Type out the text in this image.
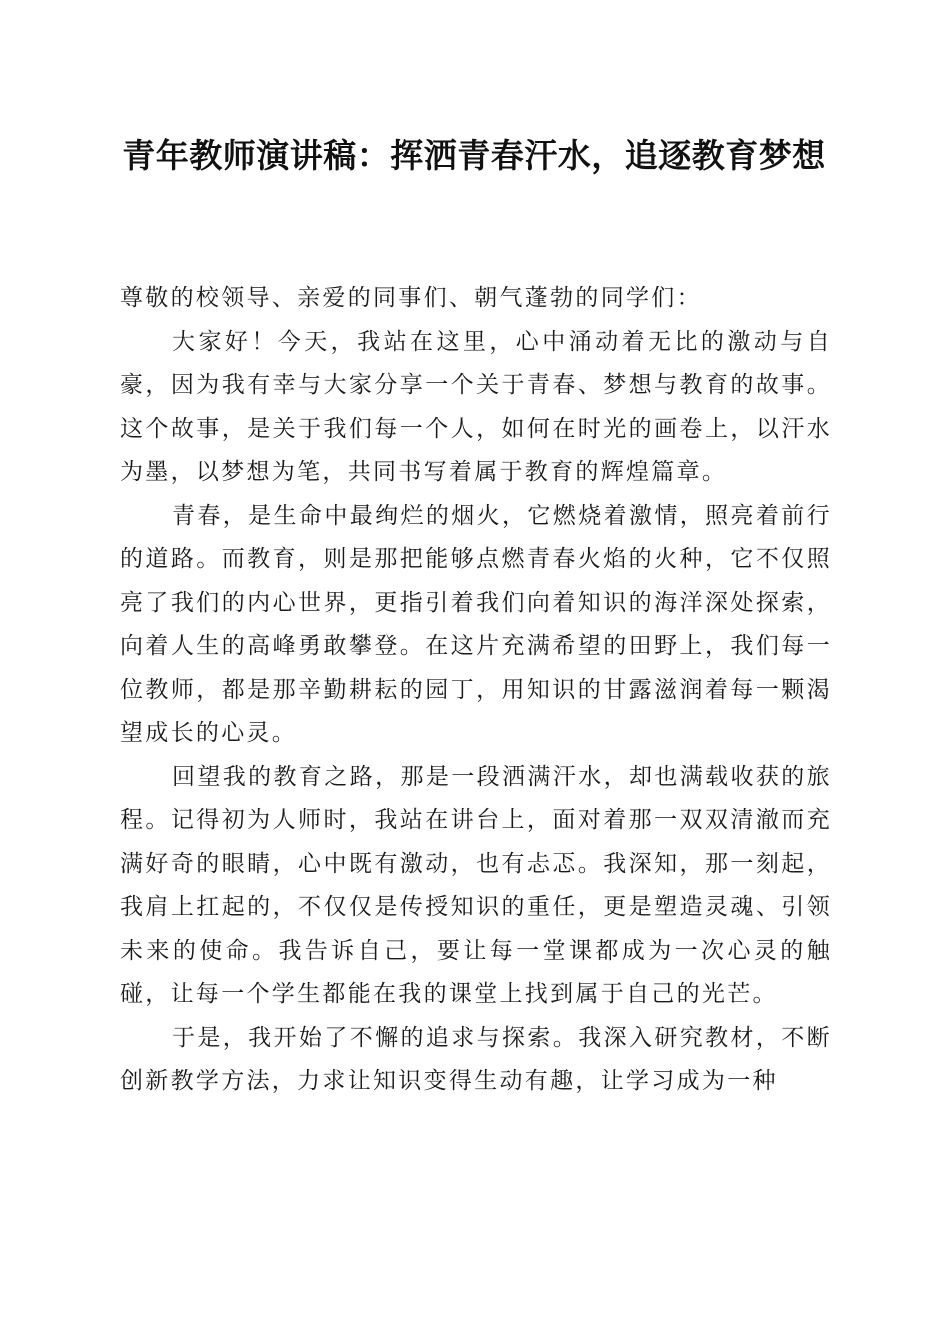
青年教师演讲稿：挥洒青春汗水，追逐教育梦想

尊敬的校领导、亲爱的同事们、朝气蓬勃的同学们：

大家好！今天，我站在这里，心中涌动着无比的激动与自豪，因为我有幸与大家分享一个关于青春、梦想与教育的故事。这个故事，是关于我们每一个人，如何在时光的画卷上，以汗水为墨，以梦想为笔，共同书写着属于教育的辉煌篇章。

青春，是生命中最绚烂的烟火，它燃烧着激情，照亮着前行的道路。而教育，则是那把能够点燃青春火焰的火种，它不仅照亮了我们的内心世界，更指引着我们向着知识的海洋深处探索，向着人生的高峰勇敢攀登。在这片充满希望的田野上，我们每一位教师，都是那辛勤耕耘的园丁，用知识的甘露滋润着每一颗渴望成长的心灵。

回望我的教育之路，那是一段洒满汗水，却也满载收获的旅程。记得初为人师时，我站在讲台上，面对着那一双双清澈而充满好奇的眼睛，心中既有激动，也有忐忑。我深知，那一刻起，我肩上扛起的，不仅仅是传授知识的重任，更是塑造灵魂、引领未来的使命。我告诉自己，要让每一堂课都成为一次心灵的触碰，让每一个学生都能在我的课堂上找到属于自己的光芒。

于是，我开始了不懈的追求与探索。我深入研究教材，不断创新教学方法，力求让知识变得生动有趣，让学习成为一种
